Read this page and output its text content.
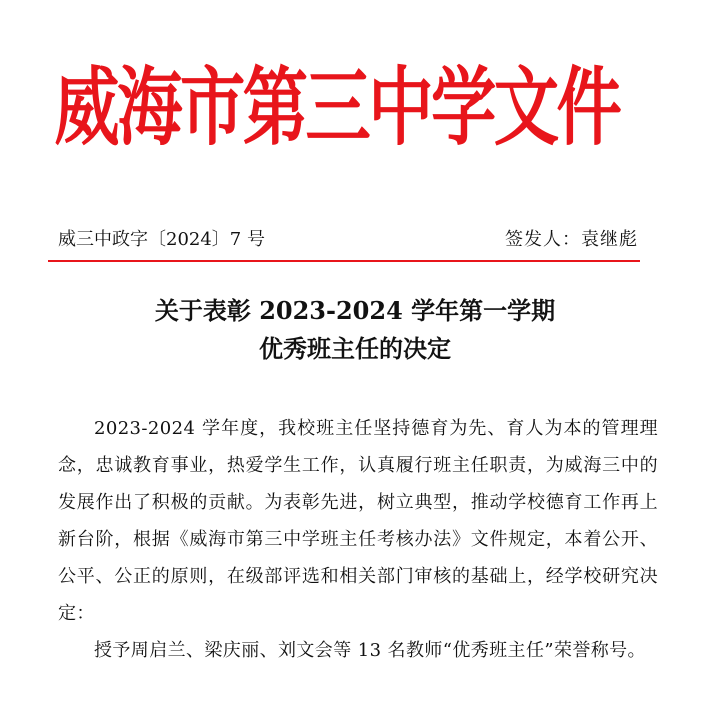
威海市第三中学文件
威三中政字〔2024〕7 号	签发人：袁继彪
关于表彰 2023-2024 学年第一学期
优秀班主任的决定

2023-2024 学年度，我校班主任坚持德育为先、育人为本的管理理念，忠诚教育事业，热爱学生工作，认真履行班主任职责，为威海三中的发展作出了积极的贡献。为表彰先进，树立典型，推动学校德育工作再上新台阶，根据《威海市第三中学班主任考核办法》文件规定，本着公开、公平、公正的原则，在级部评选和相关部门审核的基础上，经学校研究决定：

授予周启兰、梁庆丽、刘文会等 13 名教师“优秀班主任”荣誉称号。
